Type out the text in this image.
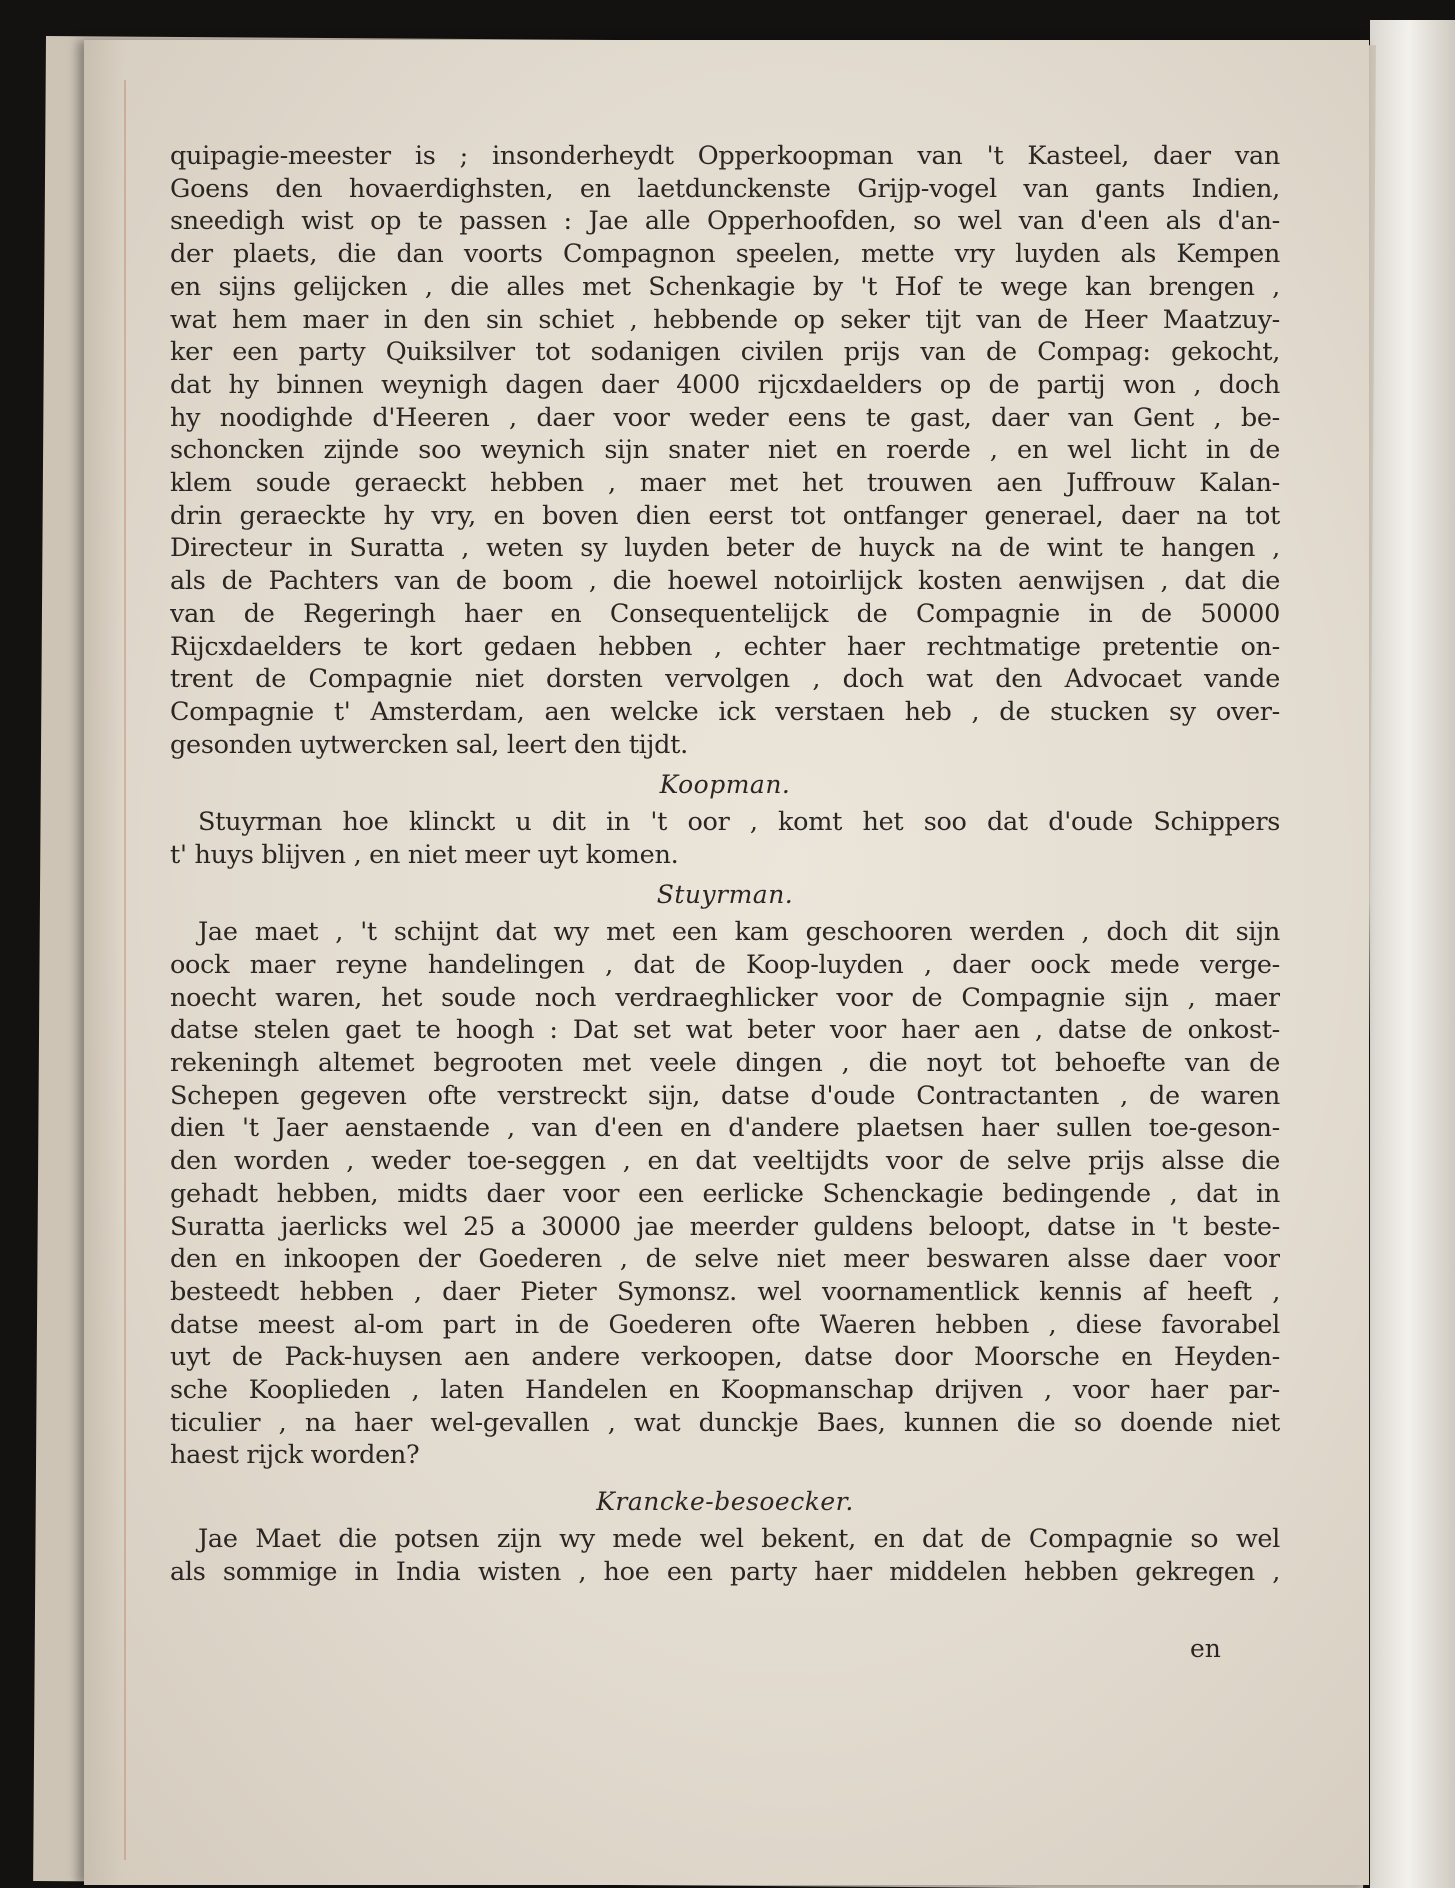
quipagie-meester is ; insonderheydt Opperkoopman van 't Kasteel, daer van
Goens den hovaerdighsten, en laetdunckenste Grijp-vogel van gants Indien,
sneedigh wist op te passen : Jae alle Opperhoofden, so wel van d'een als d'an-
der plaets, die dan voorts Compagnon speelen, mette vry luyden als Kempen
en sijns gelijcken , die alles met Schenkagie by 't Hof te wege kan brengen ,
wat hem maer in den sin schiet , hebbende op seker tijt van de Heer Maatzuy-
ker een party Quiksilver tot sodanigen civilen prijs van de Compag: gekocht,
dat hy binnen weynigh dagen daer 4000 rijcxdaelders op de partij won , doch
hy noodighde d'Heeren , daer voor weder eens te gast, daer van Gent , be-
schoncken zijnde soo weynich sijn snater niet en roerde , en wel licht in de
klem soude geraeckt hebben , maer met het trouwen aen Juffrouw Kalan-
drin geraeckte hy vry, en boven dien eerst tot ontfanger generael, daer na tot
Directeur in Suratta , weten sy luyden beter de huyck na de wint te hangen ,
als de Pachters van de boom , die hoewel notoirlijck kosten aenwijsen , dat die
van de Regeringh haer en Consequentelijck de Compagnie in de 50000
Rijcxdaelders te kort gedaen hebben , echter haer rechtmatige pretentie on-
trent de Compagnie niet dorsten vervolgen , doch wat den Advocaet vande
Compagnie t' Amsterdam, aen welcke ick verstaen heb , de stucken sy over-
gesonden uytwercken sal, leert den tijdt.
Koopman.
Stuyrman hoe klinckt u dit in 't oor , komt het soo dat d'oude Schippers
t' huys blijven , en niet meer uyt komen.
Stuyrman.
Jae maet , 't schijnt dat wy met een kam geschooren werden , doch dit sijn
oock maer reyne handelingen , dat de Koop-luyden , daer oock mede verge-
noecht waren, het soude noch verdraeghlicker voor de Compagnie sijn , maer
datse stelen gaet te hoogh : Dat set wat beter voor haer aen , datse de onkost-
rekeningh altemet begrooten met veele dingen , die noyt tot behoefte van de
Schepen gegeven ofte verstreckt sijn, datse d'oude Contractanten , de waren
dien 't Jaer aenstaende , van d'een en d'andere plaetsen haer sullen toe-geson-
den worden , weder toe-seggen , en dat veeltijdts voor de selve prijs alsse die
gehadt hebben, midts daer voor een eerlicke Schenckagie bedingende , dat in
Suratta jaerlicks wel 25 a 30000 jae meerder guldens beloopt, datse in 't beste-
den en inkoopen der Goederen , de selve niet meer beswaren alsse daer voor
besteedt hebben , daer Pieter Symonsz. wel voornamentlick kennis af heeft ,
datse meest al-om part in de Goederen ofte Waeren hebben , diese favorabel
uyt de Pack-huysen aen andere verkoopen, datse door Moorsche en Heyden-
sche Kooplieden , laten Handelen en Koopmanschap drijven , voor haer par-
ticulier , na haer wel-gevallen , wat dunckje Baes, kunnen die so doende niet
haest rijck worden?
Krancke-besoecker.
Jae Maet die potsen zijn wy mede wel bekent, en dat de Compagnie so wel
als sommige in India wisten , hoe een party haer middelen hebben gekregen ,
en
